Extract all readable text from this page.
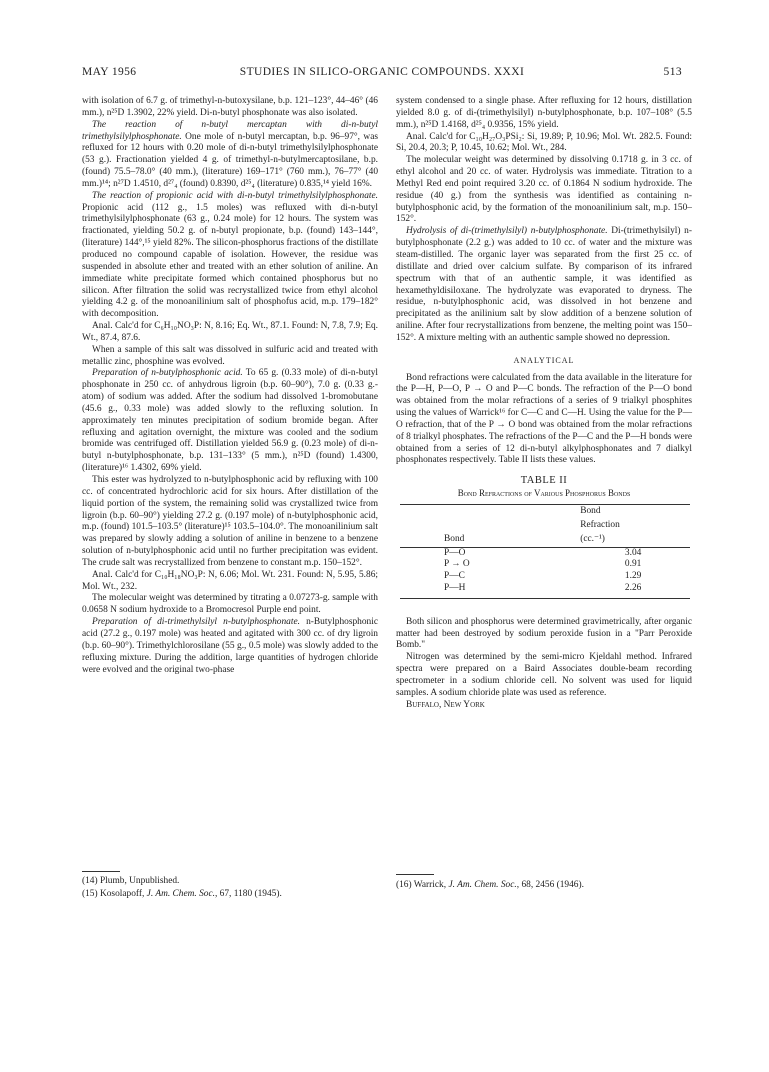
MAY 1956	STUDIES IN SILICO-ORGANIC COMPOUNDS. XXXI	513

with isolation of 6.7 g. of trimethyl-n-butoxysilane, b.p. 121–123°, 44–46° (46 mm.), n²⁵D 1.3902, 22% yield. Di-n-butyl phosphonate was also isolated.

The reaction of n-butyl mercaptan with di-n-butyl trimethylsilylphosphonate. One mole of n-butyl mercaptan, b.p. 96–97°, was refluxed for 12 hours with 0.20 mole of di-n-butyl trimethylsilylphosphonate (53 g.). Fractionation yielded 4 g. of trimethyl-n-butylmercaptosilane, b.p. (found) 75.5–78.0° (40 mm.), (literature) 169–171° (760 mm.), 76–77° (40 mm.)¹⁴; n²⁷D 1.4510, d²⁷₄ (found) 0.8390, d²⁵₄ (literature) 0.835,¹⁴ yield 16%.

The reaction of propionic acid with di-n-butyl trimethylsilylphosphonate. Propionic acid (112 g., 1.5 moles) was refluxed with di-n-butyl trimethylsilylphosphonate (63 g., 0.24 mole) for 12 hours. The system was fractionated, yielding 50.2 g. of n-butyl propionate, b.p. (found) 143–144°, (literature) 144°,¹⁵ yield 82%. The silicon-phosphorus fractions of the distillate produced no compound capable of isolation. However, the residue was suspended in absolute ether and treated with an ether solution of aniline. An immediate white precipitate formed which contained phosphorus but no silicon. After filtration the solid was recrystallized twice from ethyl alcohol yielding 4.2 g. of the monoanilinium salt of phosphofus acid, m.p. 179–182° with decomposition.

Anal. Calc'd for C₆H₁₀NO₃P: N, 8.16; Eq. Wt., 87.1. Found: N, 7.8, 7.9; Eq. Wt., 87.4, 87.6.

When a sample of this salt was dissolved in sulfuric acid and treated with metallic zinc, phosphine was evolved.

Preparation of n-butylphosphonic acid. To 65 g. (0.33 mole) of di-n-butyl phosphonate in 250 cc. of anhydrous ligroin (b.p. 60–90°), 7.0 g. (0.33 g.-atom) of sodium was added. After the sodium had dissolved 1-bromobutane (45.6 g., 0.33 mole) was added slowly to the refluxing solution. In approximately ten minutes precipitation of sodium bromide began. After refluxing and agitation overnight, the mixture was cooled and the sodium bromide was centrifuged off. Distillation yielded 56.9 g. (0.23 mole) of di-n-butyl n-butylphosphonate, b.p. 131–133° (5 mm.), n²⁵D (found) 1.4300, (literature)¹⁶ 1.4302, 69% yield.

This ester was hydrolyzed to n-butylphosphonic acid by refluxing with 100 cc. of concentrated hydrochloric acid for six hours. After distillation of the liquid portion of the system, the remaining solid was crystallized twice from ligroin (b.p. 60–90°) yielding 27.2 g. (0.197 mole) of n-butylphosphonic acid, m.p. (found) 101.5–103.5° (literature)¹⁵ 103.5–104.0°. The monoanilinium salt was prepared by slowly adding a solution of aniline in benzene to a benzene solution of n-butylphosphonic acid until no further precipitation was evident. The crude salt was recrystallized from benzene to constant m.p. 150–152°.

Anal. Calc'd for C₁₀H₁₈NO₃P: N, 6.06; Mol. Wt. 231. Found: N, 5.95, 5.86; Mol. Wt., 232.

The molecular weight was determined by titrating a 0.07273-g. sample with 0.0658 N sodium hydroxide to a Bromocresol Purple end point.

Preparation of di-trimethylsilyl n-butylphosphonate. n-Butylphosphonic acid (27.2 g., 0.197 mole) was heated and agitated with 300 cc. of dry ligroin (b.p. 60–90°). Trimethylchlorosilane (55 g., 0.5 mole) was slowly added to the refluxing mixture. During the addition, large quantities of hydrogen chloride were evolved and the original two-phase

system condensed to a single phase. After refluxing for 12 hours, distillation yielded 8.0 g. of di-(trimethylsilyl) n-butylphosphonate, b.p. 107–108° (5.5 mm.), n²⁵D 1.4168, d²⁵₄ 0.9356, 15% yield.

Anal. Calc'd for C₁₀H₂₇O₃PSi₂: Si, 19.89; P, 10.96; Mol. Wt. 282.5. Found: Si, 20.4, 20.3; P, 10.45, 10.62; Mol. Wt., 284.

The molecular weight was determined by dissolving 0.1718 g. in 3 cc. of ethyl alcohol and 20 cc. of water. Hydrolysis was immediate. Titration to a Methyl Red end point required 3.20 cc. of 0.1864 N sodium hydroxide. The residue (40 g.) from the synthesis was identified as containing n-butylphosphonic acid, by the formation of the monoanilinium salt, m.p. 150–152°.

Hydrolysis of di-(trimethylsilyl) n-butylphosphonate. Di-(trimethylsilyl) n-butylphosphonate (2.2 g.) was added to 10 cc. of water and the mixture was steam-distilled. The organic layer was separated from the first 25 cc. of distillate and dried over calcium sulfate. By comparison of its infrared spectrum with that of an authentic sample, it was identified as hexamethyldisiloxane. The hydrolyzate was evaporated to dryness. The residue, n-butylphosphonic acid, was dissolved in hot benzene and precipitated as the anilinium salt by slow addition of a benzene solution of aniline. After four recrystallizations from benzene, the melting point was 150–152°. A mixture melting with an authentic sample showed no depression.

ANALYTICAL

Bond refractions were calculated from the data available in the literature for the P—H, P—O, P → O and P—C bonds. The refraction of the P—O bond was obtained from the molar refractions of a series of 9 trialkyl phosphites using the values of Warrick¹⁶ for C—C and C—H. Using the value for the P—O refraction, that of the P → O bond was obtained from the molar refractions of 8 trialkyl phosphates. The refractions of the P—C and the P—H bonds were obtained from a series of 12 di-n-butyl alkylphosphonates and 7 dialkyl phosphonates respectively. Table II lists these values.

TABLE II
Bond Refractions of Various Phosphorus Bonds
	Bond
	Refraction
Bond	(cc.⁻¹)
P—O	3.04
P → O	0.91
P—C	1.29
P—H	2.26

Both silicon and phosphorus were determined gravimetrically, after organic matter had been destroyed by sodium peroxide fusion in a "Parr Peroxide Bomb."

Nitrogen was determined by the semi-micro Kjeldahl method. Infrared spectra were prepared on a Baird Associates double-beam recording spectrometer in a sodium chloride cell. No solvent was used for liquid samples. A sodium chloride plate was used as reference.

Buffalo, New York

(14) Plumb, Unpublished.
(15) Kosolapoff, J. Am. Chem. Soc., 67, 1180 (1945).
(16) Warrick, J. Am. Chem. Soc., 68, 2456 (1946).
